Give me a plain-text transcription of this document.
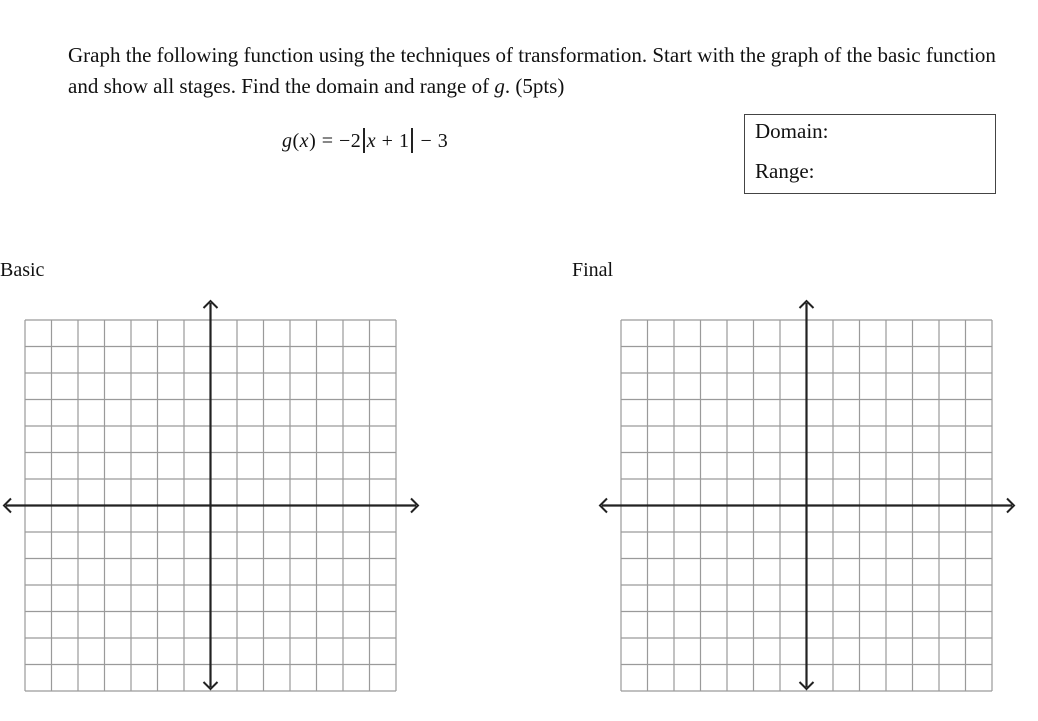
Graph the following function using the techniques of transformation. Start with the graph of the basic function and show all stages. Find the domain and range of g. (5pts)

g(x) = −2 x + 1 − 3	Domain:
Range:
Basic	Final
